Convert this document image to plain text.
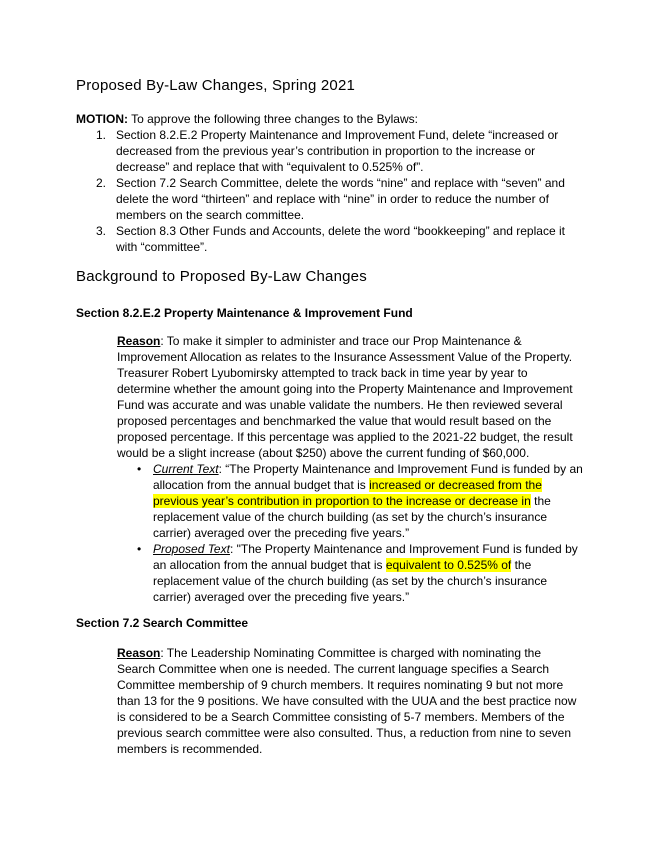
Proposed By-Law Changes, Spring 2021
MOTION: To approve the following three changes to the Bylaws:
1. Section 8.2.E.2 Property Maintenance and Improvement Fund, delete “increased or decreased from the previous year’s contribution in proportion to the increase or decrease” and replace that with “equivalent to 0.525% of”.
2. Section 7.2 Search Committee, delete the words “nine” and replace with “seven” and delete the word “thirteen” and replace with “nine” in order to reduce the number of members on the search committee.
3. Section 8.3 Other Funds and Accounts, delete the word “bookkeeping” and replace it with “committee”.
Background to Proposed By-Law Changes
Section 8.2.E.2 Property Maintenance & Improvement Fund
Reason: To make it simpler to administer and trace our Prop Maintenance & Improvement Allocation as relates to the Insurance Assessment Value of the Property. Treasurer Robert Lyubomirsky attempted to track back in time year by year to determine whether the amount going into the Property Maintenance and Improvement Fund was accurate and was unable validate the numbers. He then reviewed several proposed percentages and benchmarked the value that would result based on the proposed percentage. If this percentage was applied to the 2021-22 budget, the result would be a slight increase (about $250) above the current funding of $60,000.
• Current Text: “The Property Maintenance and Improvement Fund is funded by an allocation from the annual budget that is increased or decreased from the previous year’s contribution in proportion to the increase or decrease in the replacement value of the church building (as set by the church’s insurance carrier) averaged over the preceding five years.”
• Proposed Text: "The Property Maintenance and Improvement Fund is funded by an allocation from the annual budget that is equivalent to 0.525% of the replacement value of the church building (as set by the church’s insurance carrier) averaged over the preceding five years.”
Section 7.2 Search Committee
Reason: The Leadership Nominating Committee is charged with nominating the Search Committee when one is needed. The current language specifies a Search Committee membership of 9 church members. It requires nominating 9 but not more than 13 for the 9 positions. We have consulted with the UUA and the best practice now is considered to be a Search Committee consisting of 5-7 members. Members of the previous search committee were also consulted. Thus, a reduction from nine to seven members is recommended.
